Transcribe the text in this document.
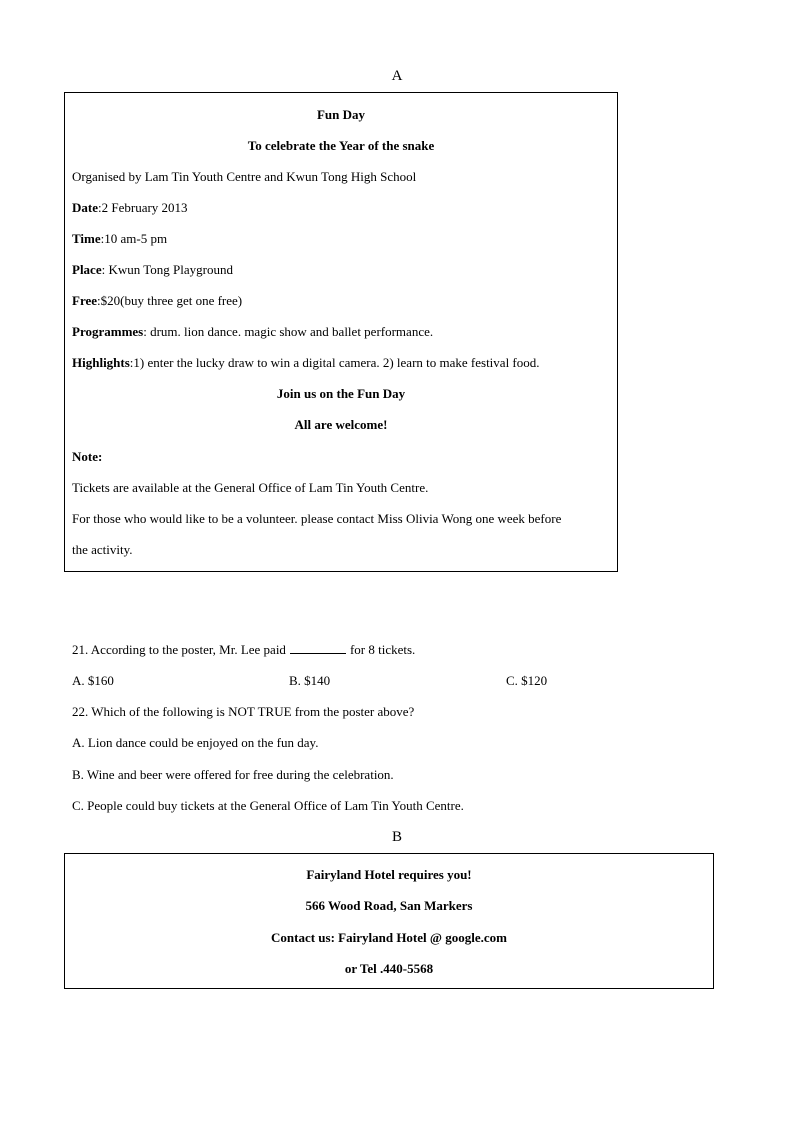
A
Fun Day
To celebrate the Year of the snake
Organised by Lam Tin Youth Centre and Kwun Tong High School
Date:2 February 2013
Time:10 am-5 pm
Place: Kwun Tong Playground
Free:$20(buy three get one free)
Programmes: drum. lion dance. magic show and ballet performance.
Highlights:1) enter the lucky draw to win a digital camera. 2) learn to make festival food.
Join us on the Fun Day
All are welcome!
Note:
Tickets are available at the General Office of Lam Tin Youth Centre.
For those who would like to be a volunteer. please contact Miss Olivia Wong one week before
the activity.
21. According to the poster, Mr. Lee paid	for 8 tickets.
A. $160	B. $140	C. $120
22. Which of the following is NOT TRUE from the poster above?
A. Lion dance could be enjoyed on the fun day.
B. Wine and beer were offered for free during the celebration.
C. People could buy tickets at the General Office of Lam Tin Youth Centre.
B
Fairyland Hotel requires you!
566 Wood Road, San Markers
Contact us: Fairyland Hotel @ google.com
or Tel .440-5568
